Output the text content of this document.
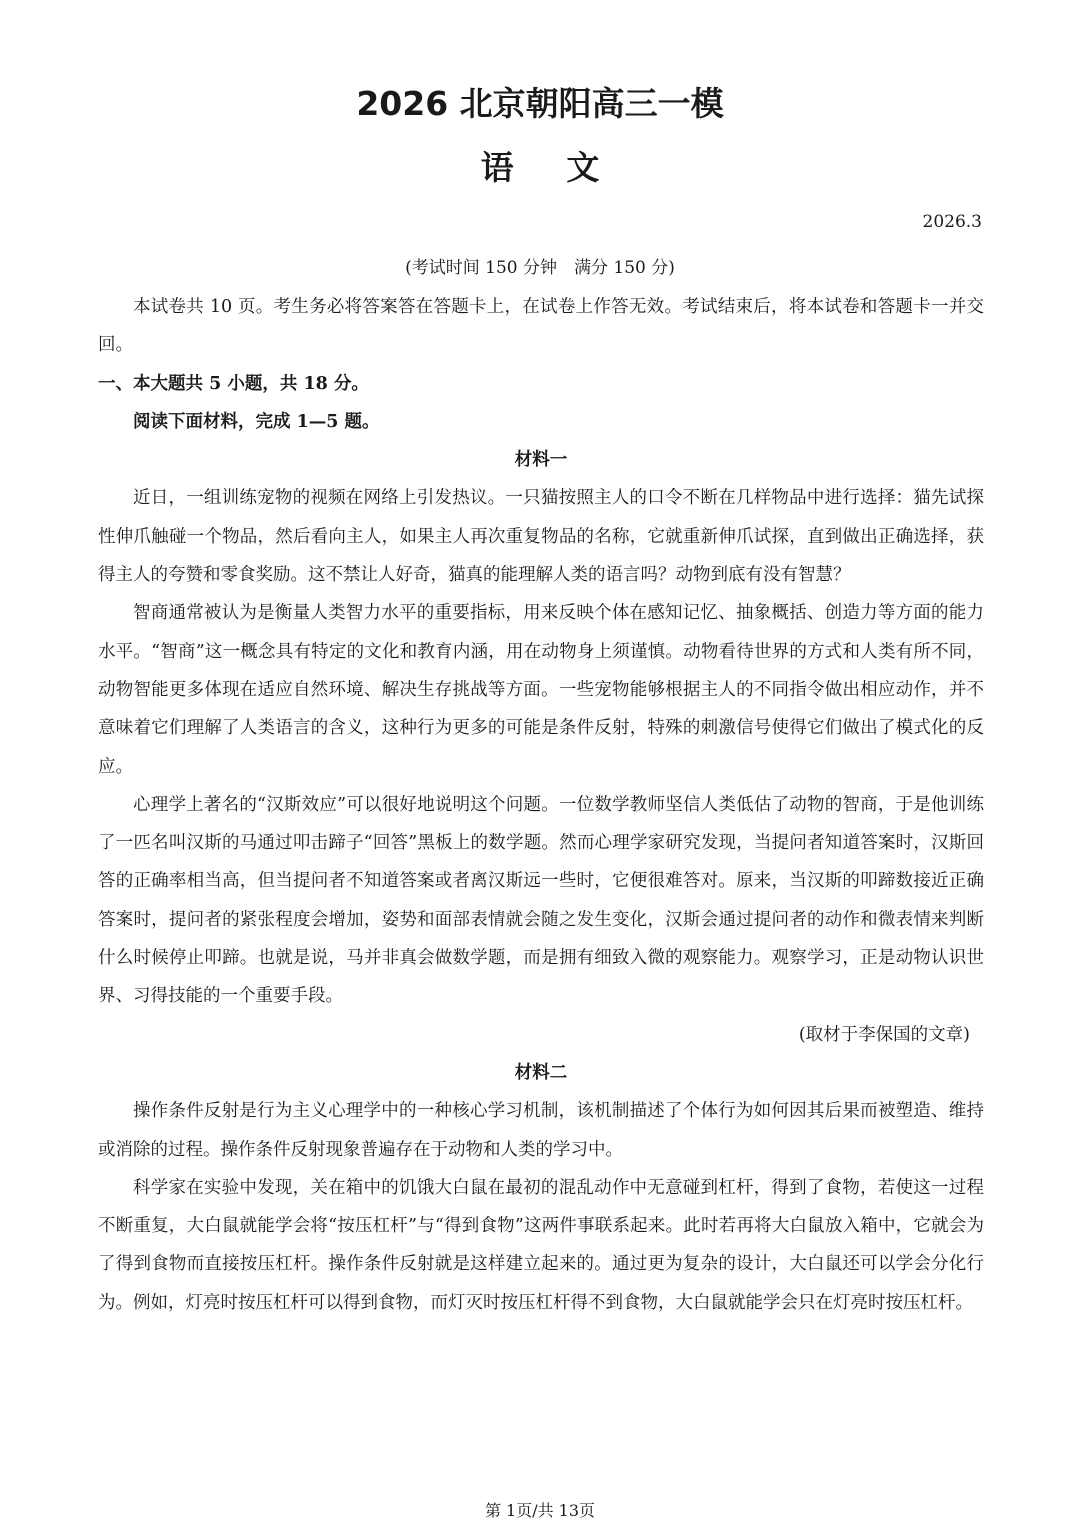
2026 北京朝阳高三一模
语文
2026.3
(考试时间 150 分钟　满分 150 分)

本试卷共 10 页。考生务必将答案答在答题卡上，在试卷上作答无效。考试结束后，将本试卷和答题卡一并交回。

一、本大题共 5 小题，共 18 分。

阅读下面材料，完成 1—5 题。

材料一

近日，一组训练宠物的视频在网络上引发热议。一只猫按照主人的口令不断在几样物品中进行选择：猫先试探性伸爪触碰一个物品，然后看向主人，如果主人再次重复物品的名称，它就重新伸爪试探，直到做出正确选择，获得主人的夸赞和零食奖励。这不禁让人好奇，猫真的能理解人类的语言吗？动物到底有没有智慧？

智商通常被认为是衡量人类智力水平的重要指标，用来反映个体在感知记忆、抽象概括、创造力等方面的能力水平。“智商”这一概念具有特定的文化和教育内涵，用在动物身上须谨慎。动物看待世界的方式和人类有所不同，动物智能更多体现在适应自然环境、解决生存挑战等方面。一些宠物能够根据主人的不同指令做出相应动作，并不意味着它们理解了人类语言的含义，这种行为更多的可能是条件反射，特殊的刺激信号使得它们做出了模式化的反应。

心理学上著名的“汉斯效应”可以很好地说明这个问题。一位数学教师坚信人类低估了动物的智商，于是他训练了一匹名叫汉斯的马通过叩击蹄子“回答”黑板上的数学题。然而心理学家研究发现，当提问者知道答案时，汉斯回答的正确率相当高，但当提问者不知道答案或者离汉斯远一些时，它便很难答对。原来，当汉斯的叩蹄数接近正确答案时，提问者的紧张程度会增加，姿势和面部表情就会随之发生变化，汉斯会通过提问者的动作和微表情来判断什么时候停止叩蹄。也就是说，马并非真会做数学题，而是拥有细致入微的观察能力。观察学习，正是动物认识世界、习得技能的一个重要手段。

(取材于李保国的文章)

材料二

操作条件反射是行为主义心理学中的一种核心学习机制，该机制描述了个体行为如何因其后果而被塑造、维持或消除的过程。操作条件反射现象普遍存在于动物和人类的学习中。

科学家在实验中发现，关在箱中的饥饿大白鼠在最初的混乱动作中无意碰到杠杆，得到了食物，若使这一过程不断重复，大白鼠就能学会将“按压杠杆”与“得到食物”这两件事联系起来。此时若再将大白鼠放入箱中，它就会为了得到食物而直接按压杠杆。操作条件反射就是这样建立起来的。通过更为复杂的设计，大白鼠还可以学会分化行为。例如，灯亮时按压杠杆可以得到食物，而灯灭时按压杠杆得不到食物，大白鼠就能学会只在灯亮时按压杠杆。

第 1页/共 13页
